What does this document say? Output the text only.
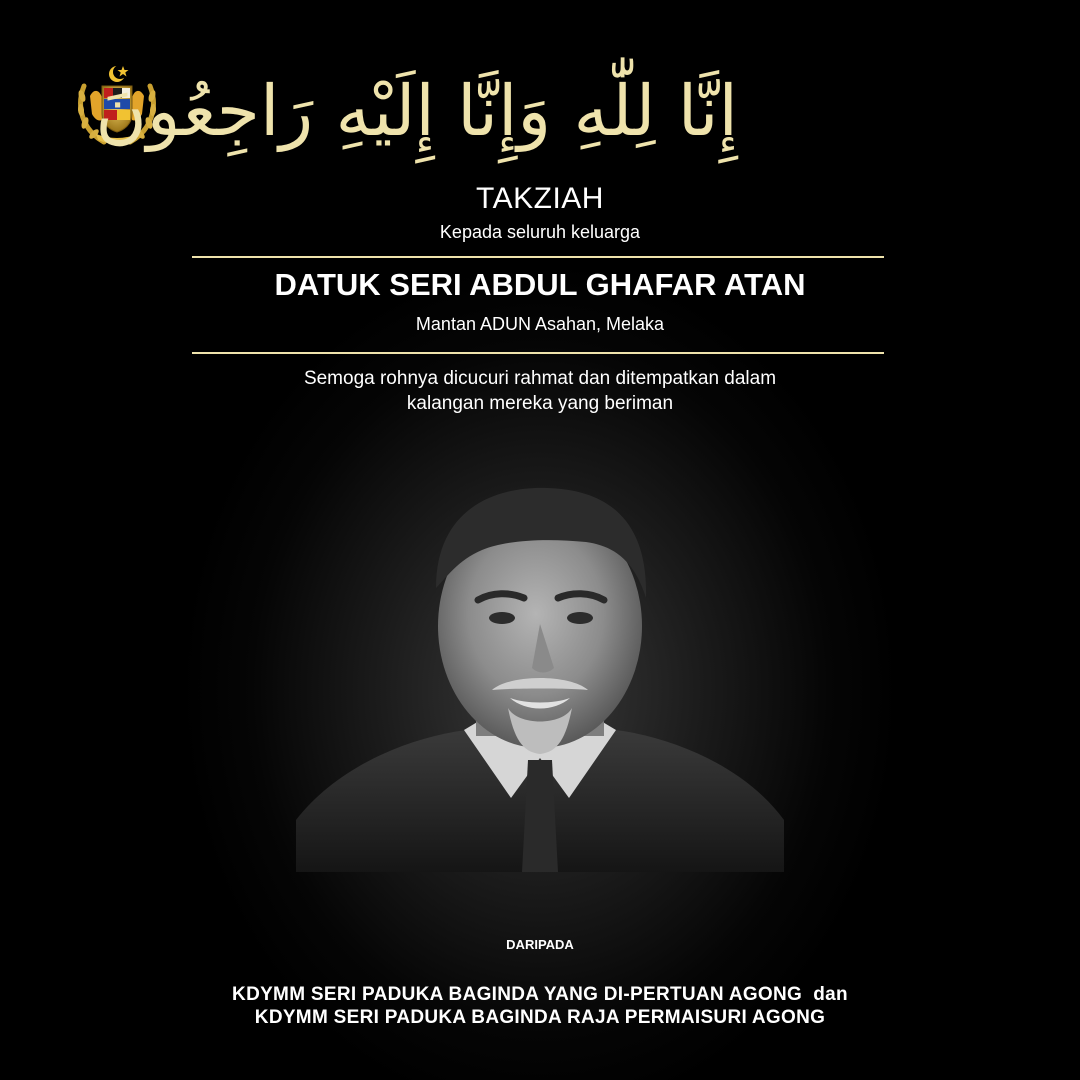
إِنَّا لِلّٰهِ وَإِنَّا إِلَيْهِ رَاجِعُونَ
TAKZIAH
Kepada seluruh keluarga
DATUK SERI ABDUL GHAFAR ATAN
Mantan ADUN Asahan, Melaka
Semoga rohnya dicucuri rahmat dan ditempatkan dalam
kalangan mereka yang beriman
DARIPADA
KDYMM SERI PADUKA BAGINDA YANG DI-PERTUAN AGONG  dan
KDYMM SERI PADUKA BAGINDA RAJA PERMAISURI AGONG
